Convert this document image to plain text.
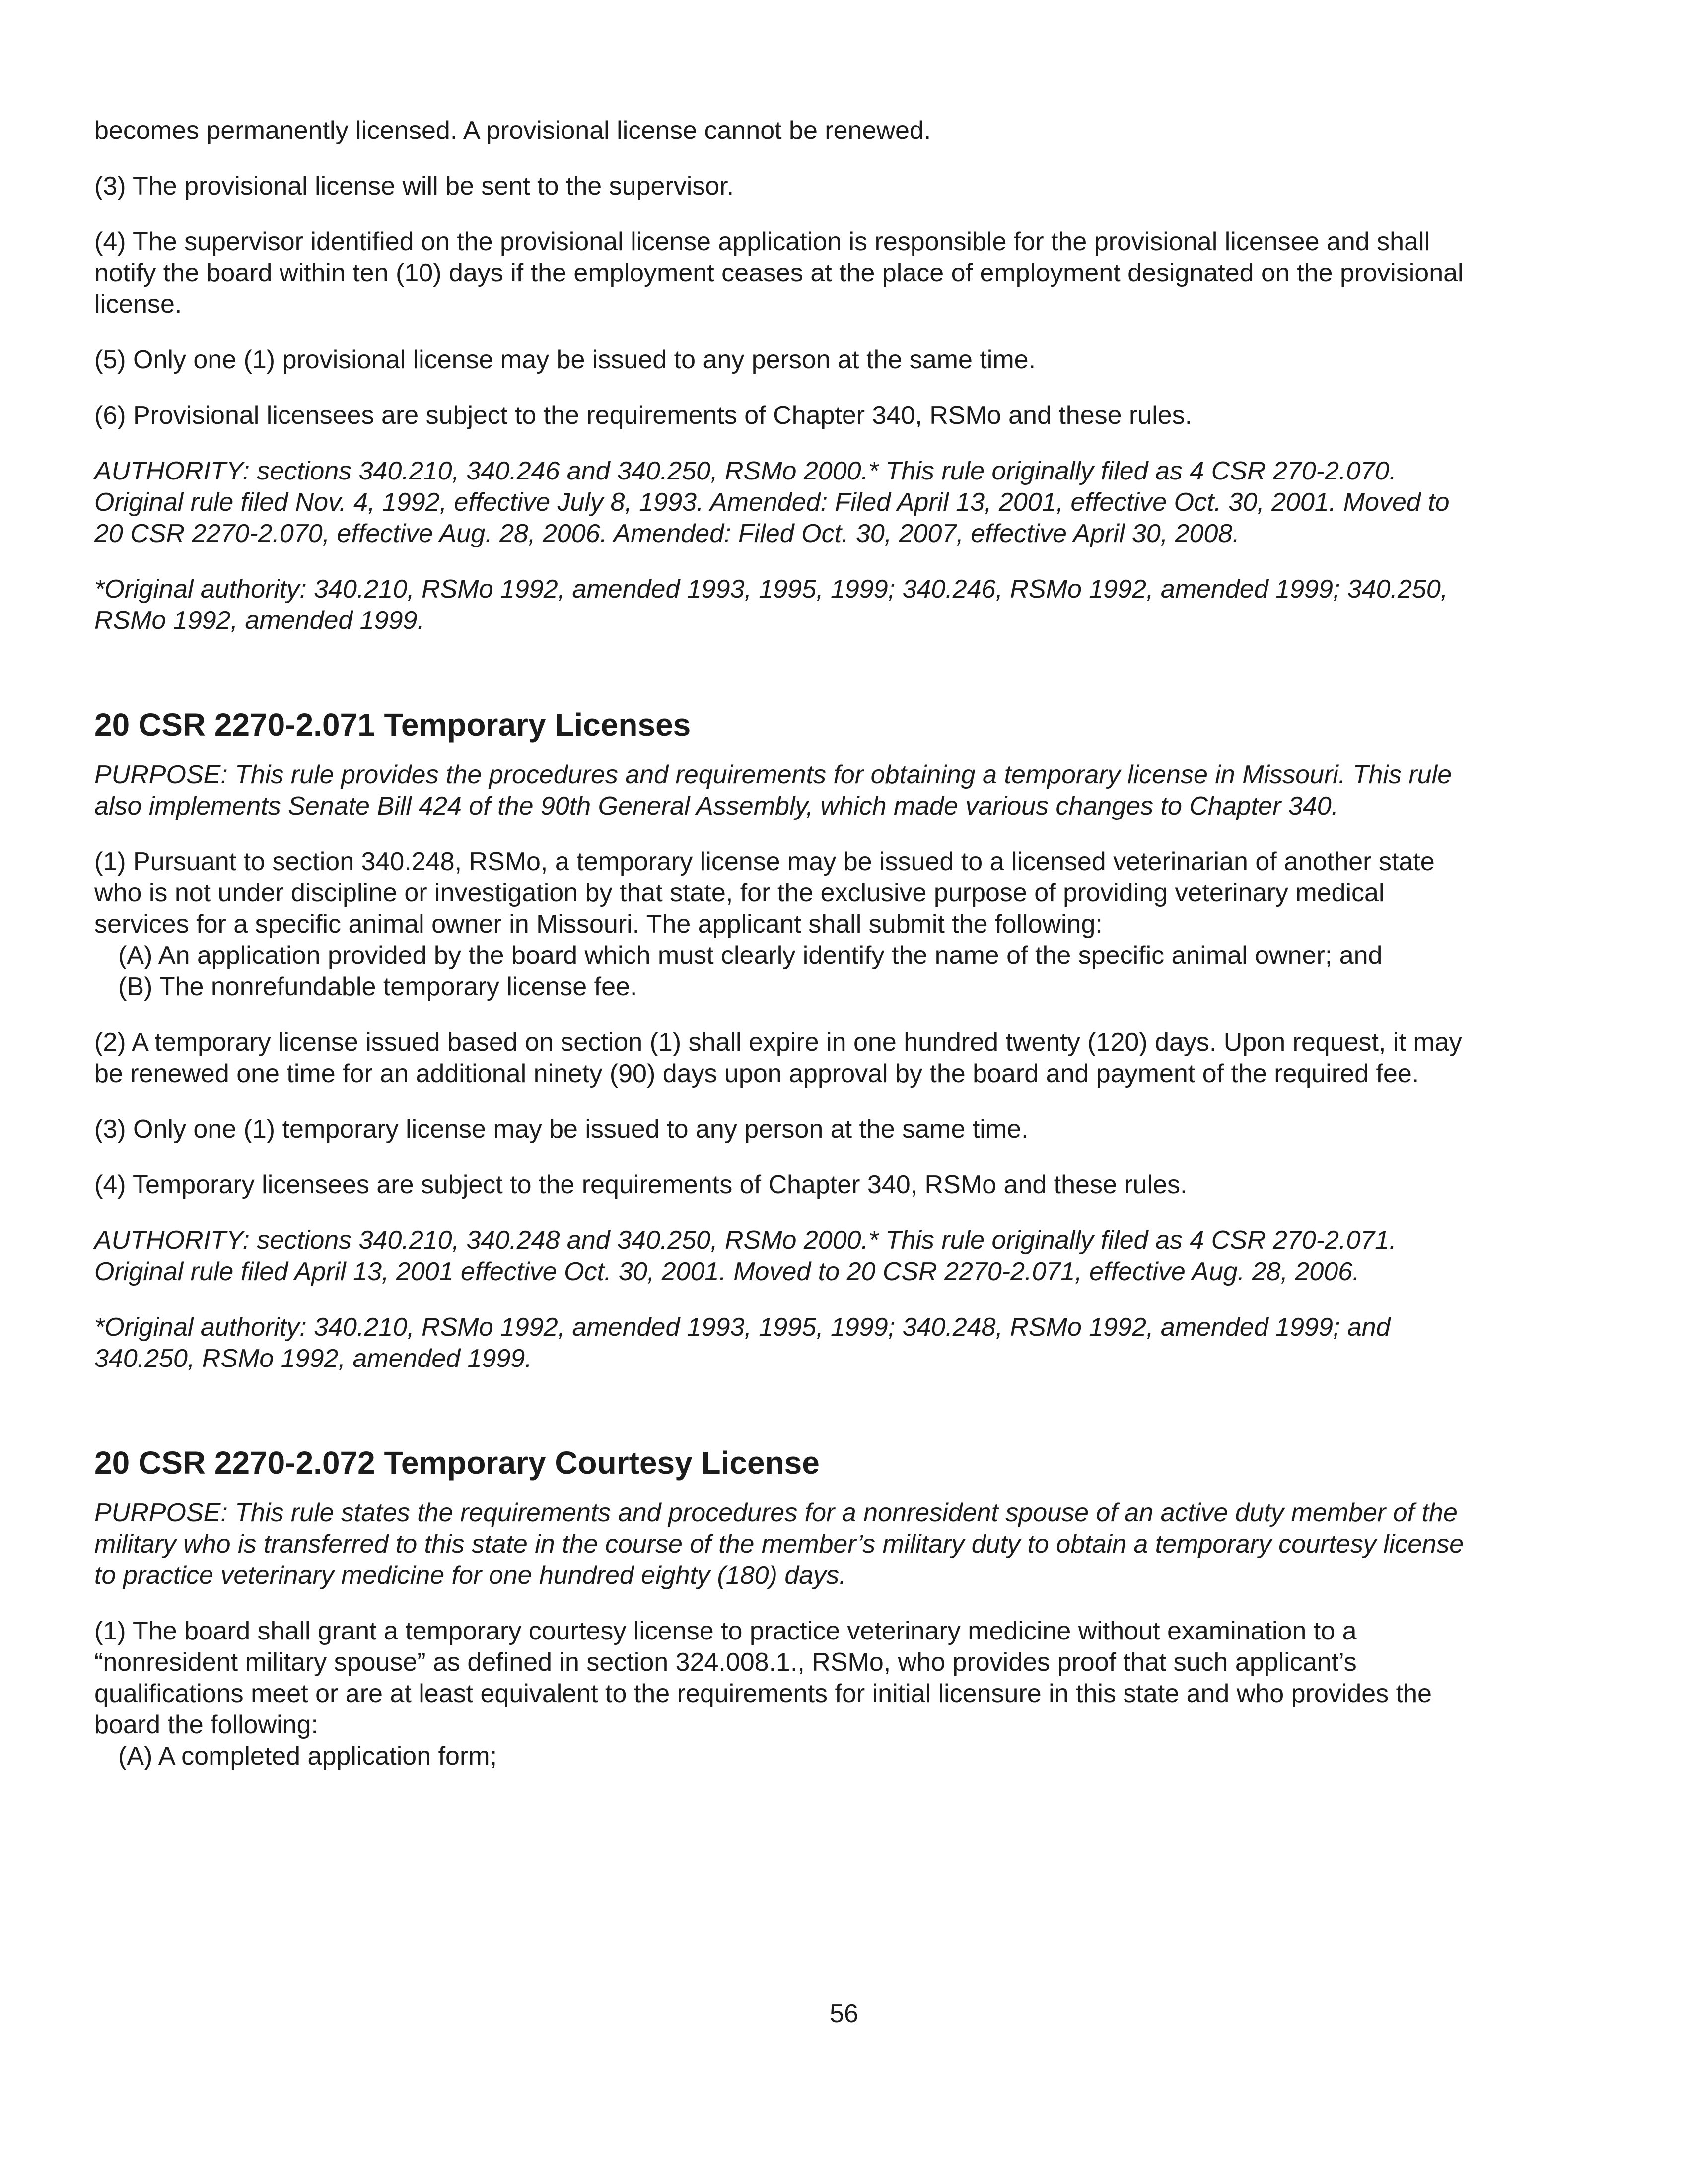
becomes permanently licensed. A provisional license cannot be renewed.

(3) The provisional license will be sent to the supervisor.

(4) The supervisor identified on the provisional license application is responsible for the provisional licensee and shall notify the board within ten (10) days if the employment ceases at the place of employment designated on the provisional license.

(5) Only one (1) provisional license may be issued to any person at the same time.

(6) Provisional licensees are subject to the requirements of Chapter 340, RSMo and these rules.

AUTHORITY: sections 340.210, 340.246 and 340.250, RSMo 2000.* This rule originally filed as 4 CSR 270-2.070. Original rule filed Nov. 4, 1992, effective July 8, 1993. Amended: Filed April 13, 2001, effective Oct. 30, 2001. Moved to 20 CSR 2270-2.070, effective Aug. 28, 2006. Amended: Filed Oct. 30, 2007, effective April 30, 2008.

*Original authority: 340.210, RSMo 1992, amended 1993, 1995, 1999; 340.246, RSMo 1992, amended 1999; 340.250, RSMo 1992, amended 1999.

20 CSR 2270-2.071 Temporary Licenses

PURPOSE: This rule provides the procedures and requirements for obtaining a temporary license in Missouri. This rule also implements Senate Bill 424 of the 90th General Assembly, which made various changes to Chapter 340.

(1) Pursuant to section 340.248, RSMo, a temporary license may be issued to a licensed veterinarian of another state who is not under discipline or investigation by that state, for the exclusive purpose of providing veterinary medical services for a specific animal owner in Missouri. The applicant shall submit the following:

(A) An application provided by the board which must clearly identify the name of the specific animal owner; and

(B) The nonrefundable temporary license fee.

(2) A temporary license issued based on section (1) shall expire in one hundred twenty (120) days. Upon request, it may be renewed one time for an additional ninety (90) days upon approval by the board and payment of the required fee.

(3) Only one (1) temporary license may be issued to any person at the same time.

(4) Temporary licensees are subject to the requirements of Chapter 340, RSMo and these rules.

AUTHORITY: sections 340.210, 340.248 and 340.250, RSMo 2000.* This rule originally filed as 4 CSR 270-2.071. Original rule filed April 13, 2001 effective Oct. 30, 2001. Moved to 20 CSR 2270-2.071, effective Aug. 28, 2006.

*Original authority: 340.210, RSMo 1992, amended 1993, 1995, 1999; 340.248, RSMo 1992, amended 1999; and 340.250, RSMo 1992, amended 1999.

20 CSR 2270-2.072 Temporary Courtesy License

PURPOSE: This rule states the requirements and procedures for a nonresident spouse of an active duty member of the military who is transferred to this state in the course of the member’s military duty to obtain a temporary courtesy license to practice veterinary medicine for one hundred eighty (180) days.

(1) The board shall grant a temporary courtesy license to practice veterinary medicine without examination to a “nonresident military spouse” as defined in section 324.008.1., RSMo, who provides proof that such applicant’s qualifications meet or are at least equivalent to the requirements for initial licensure in this state and who provides the board the following:

(A) A completed application form;

56
